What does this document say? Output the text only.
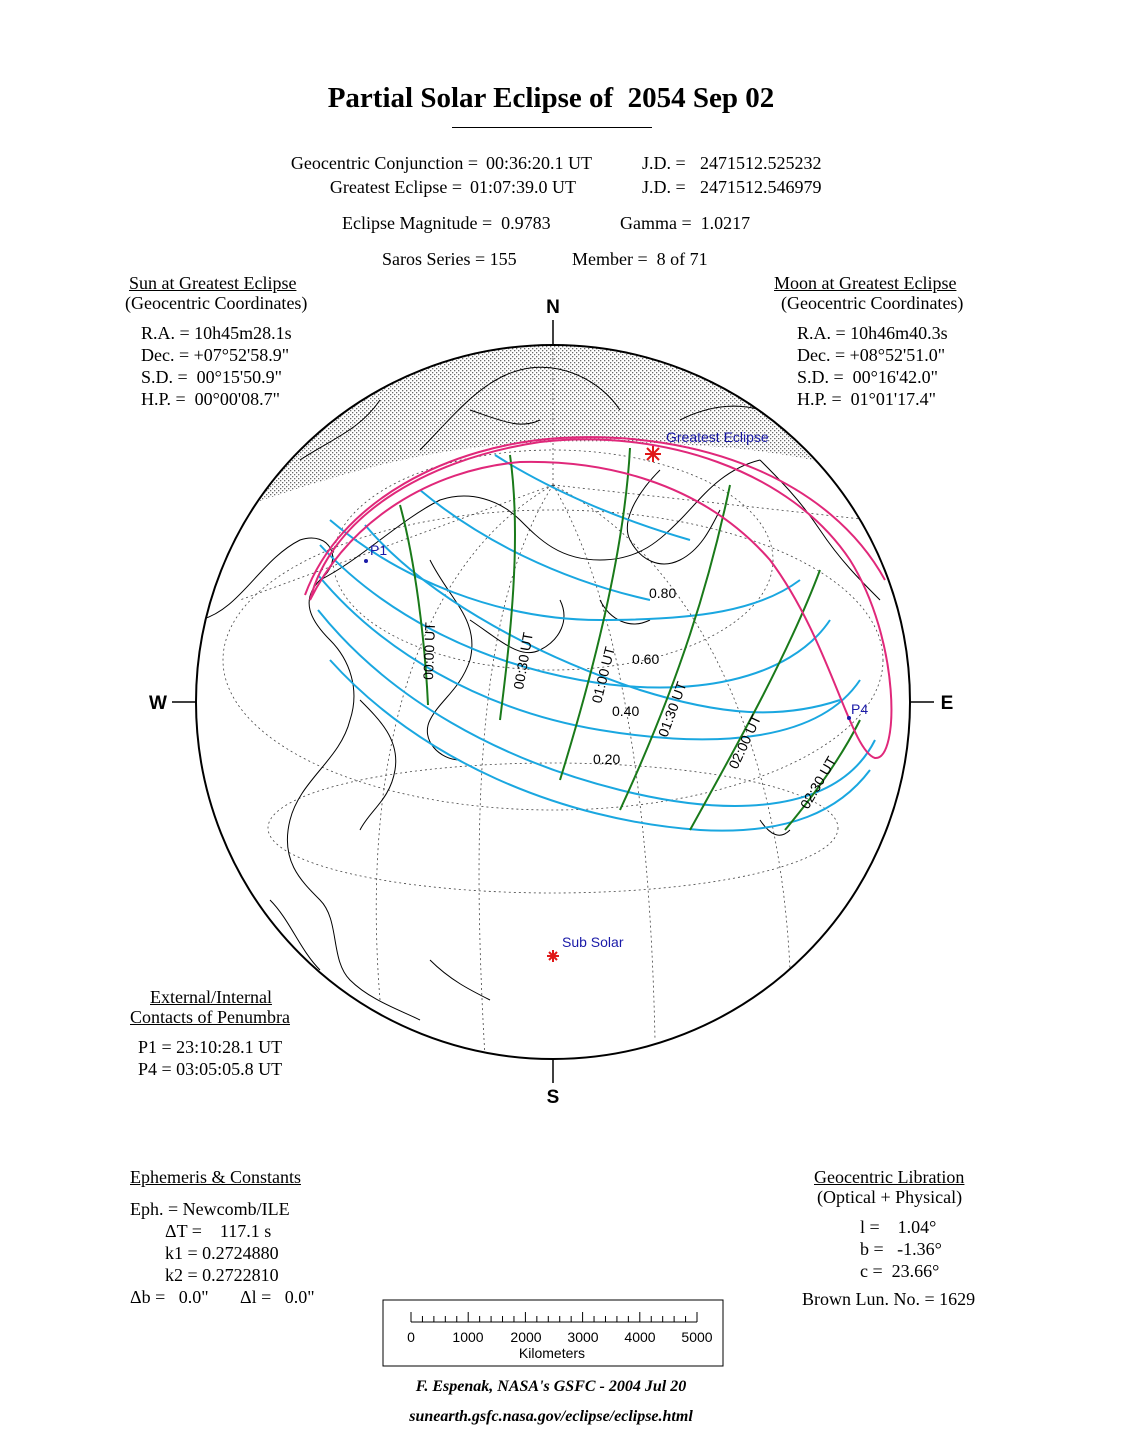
Partial Solar Eclipse of  2054 Sep 02
Geocentric Conjunction = 00:36:20.1 UT	J.D. = 2471512.525232
Greatest Eclipse = 01:07:39.0 UT	J.D. = 2471512.546979
Eclipse Magnitude =  0.9783	Gamma =  1.0217
Saros Series = 155	Member =  8 of 71
Sun at Greatest Eclipse
(Geocentric Coordinates)
R.A. = 10h45m28.1s
Dec. = +07°52'58.9"
S.D. =  00°15'50.9"
H.P. =  00°00'08.7"
Moon at Greatest Eclipse
(Geocentric Coordinates)
R.A. = 10h46m40.3s
Dec. = +08°52'51.0"
S.D. =  00°16'42.0"
H.P. =  01°01'17.4"
N
S
W	E
Greatest Eclipse
Sub Solar
P1
P4
0.80
0.60
0.40
0.20
00:00 UT	00:30 UT	01:00 UT
01:30 UT
02:00 UT
02:30 UT
0	1000 2000 3000 4000 5000
Kilometers
External/Internal
Contacts of Penumbra
P1 = 23:10:28.1 UT
P4 = 03:05:05.8 UT
Ephemeris & Constants
Eph. = Newcomb/ILE
ΔT =    117.1 s
k1 = 0.2724880
k2 = 0.2722810
Δb =   0.0" Δl =   0.0"
Geocentric Libration
(Optical + Physical)
l =    1.04°
b =   -1.36°
c =  23.66°
Brown Lun. No. = 1629
F. Espenak, NASA's GSFC - 2004 Jul 20
sunearth.gsfc.nasa.gov/eclipse/eclipse.html
